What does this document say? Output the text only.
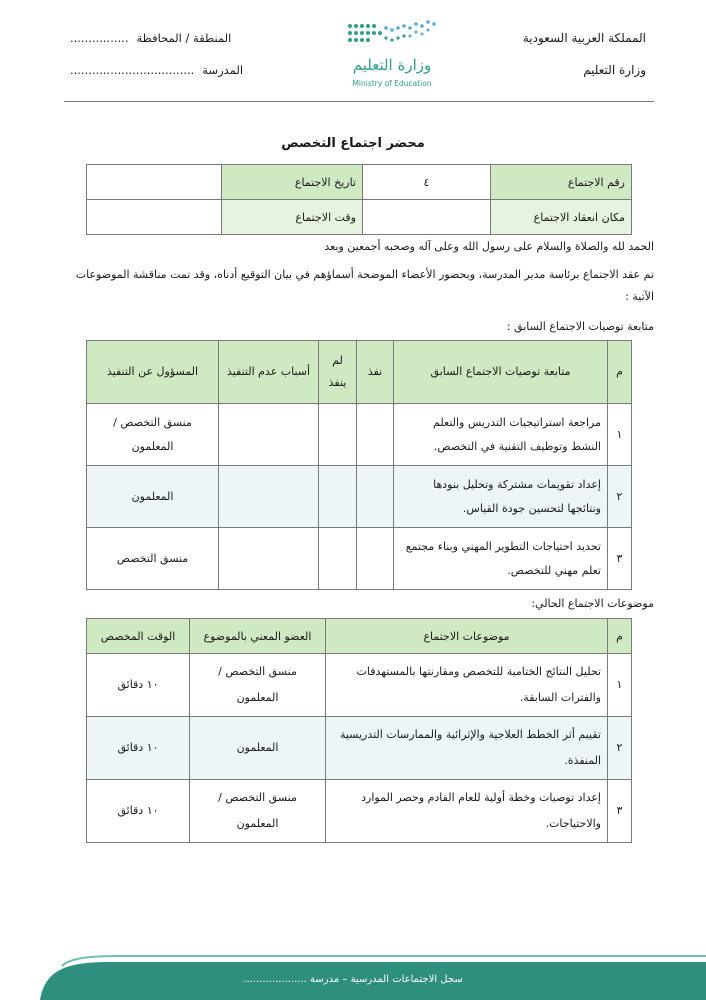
المملكة العربية السعودية
وزارة التعليم
وزارة التعليم
Ministry of Education
المنطقة / المحافظة
................
المدرسة
..................................
محضر اجتماع التخصص
رقم الاجتماع	٤	تاريخ الاجتماع	
مكان انعقاد الاجتماع		وقت الاجتماع	
الحمد لله والصلاة والسلام على رسول الله وعلى آله وصحبه أجمعين وبعد
تم عقد الاجتماع برئاسة مدير المدرسة، وبحضور الأعضاء الموضحة أسماؤهم في بيان التوقيع أدناه، وقد تمت مناقشة الموضوعات الآتية :
متابعة توصيات الاجتماع السابق :
م	متابعة توصيات الاجتماع السابق	نفذ	لم ينفذ	أسباب عدم التنفيذ	المسؤول عن التنفيذ
١	مراجعة استراتيجيات التدريس والتعلم النشط وتوظيف التقنية في التخصص.				منسق التخصص / المعلمون
٢	إعداد تقويمات مشتركة وتحليل بنودها ونتائجها لتحسين جودة القياس.				المعلمون
٣	تحديد احتياجات التطوير المهني وبناء مجتمع تعلم مهني للتخصص.				منسق التخصص
موضوعات الاجتماع الحالي:
م	موضوعات الاجتماع	العضو المعني بالموضوع	الوقت المخصص
١	تحليل النتائج الختامية للتخصص ومقارنتها بالمستهدفات والفترات السابقة.	منسق التخصص / المعلمون	١٠ دقائق
٢	تقييم أثر الخطط العلاجية والإثرائية والممارسات التدريسية المنفذة.	المعلمون	١٠ دقائق
٣	إعداد توصيات وخطة أولية للعام القادم وحصر الموارد والاحتياجات.	منسق التخصص / المعلمون	١٠ دقائق
سجل الاجتماعات المدرسية – مدرسة ....................
